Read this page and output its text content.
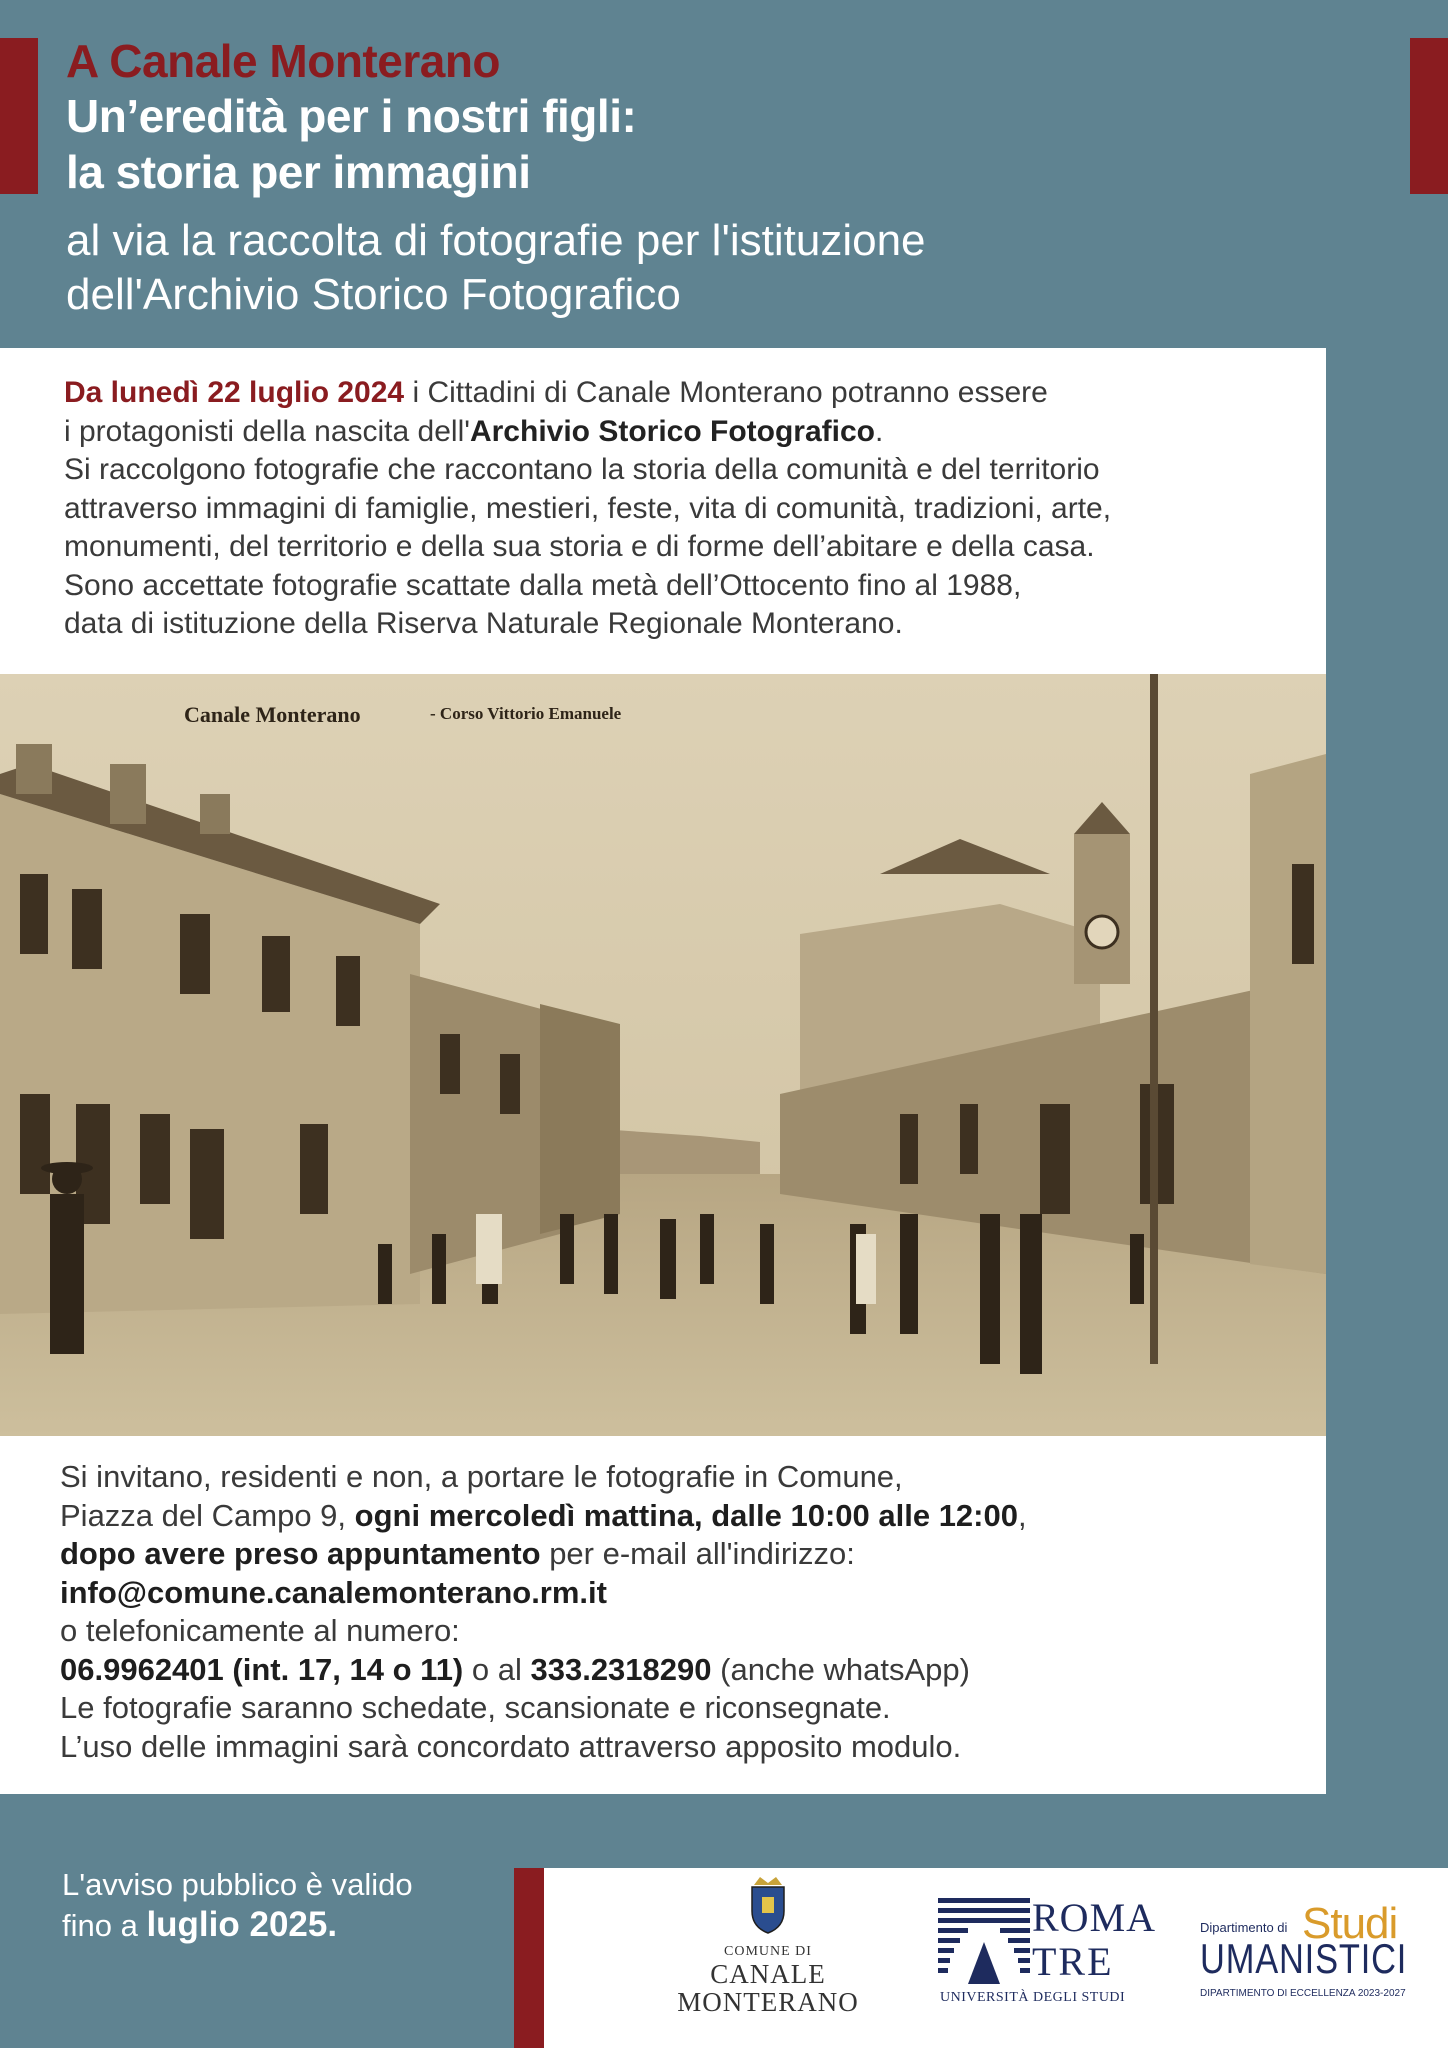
A Canale Monterano
Un’eredità per i nostri figli:
la storia per immagini
al via la raccolta di fotografie per l'istituzione
dell'Archivio Storico Fotografico

Da lunedì 22 luglio 2024 i Cittadini di Canale Monterano potranno essere

i protagonisti della nascita dell'Archivio Storico Fotografico.

Si raccolgono fotografie che raccontano la storia della comunità e del territorio

attraverso immagini di famiglie, mestieri, feste, vita di comunità, tradizioni, arte,

monumenti, del territorio e della sua storia e di forme dell’abitare e della casa.

Sono accettate fotografie scattate dalla metà dell’Ottocento fino al 1988,

data di istituzione della Riserva Naturale Regionale Monterano.

Canale Monterano	- Corso Vittorio Emanuele

Si invitano, residenti e non, a portare le fotografie in Comune,

Piazza del Campo 9, ogni mercoledì mattina, dalle 10:00 alle 12:00,

dopo avere preso appuntamento per e-mail all'indirizzo:

info@comune.canalemonterano.rm.it

o telefonicamente al numero:

06.9962401 (int. 17, 14 o 11) o al 333.2318290 (anche whatsApp)

Le fotografie saranno schedate, scansionate e riconsegnate.

L’uso delle immagini sarà concordato attraverso apposito modulo.

L'avviso pubblico è valido
fino a luglio 2025.
COMUNE DI
CANALE
MONTERANO
ROMA
TRE
UNIVERSITÀ DEGLI STUDI
Dipartimento di Studi
UMANISTICI
DIPARTIMENTO DI ECCELLENZA 2023-2027
